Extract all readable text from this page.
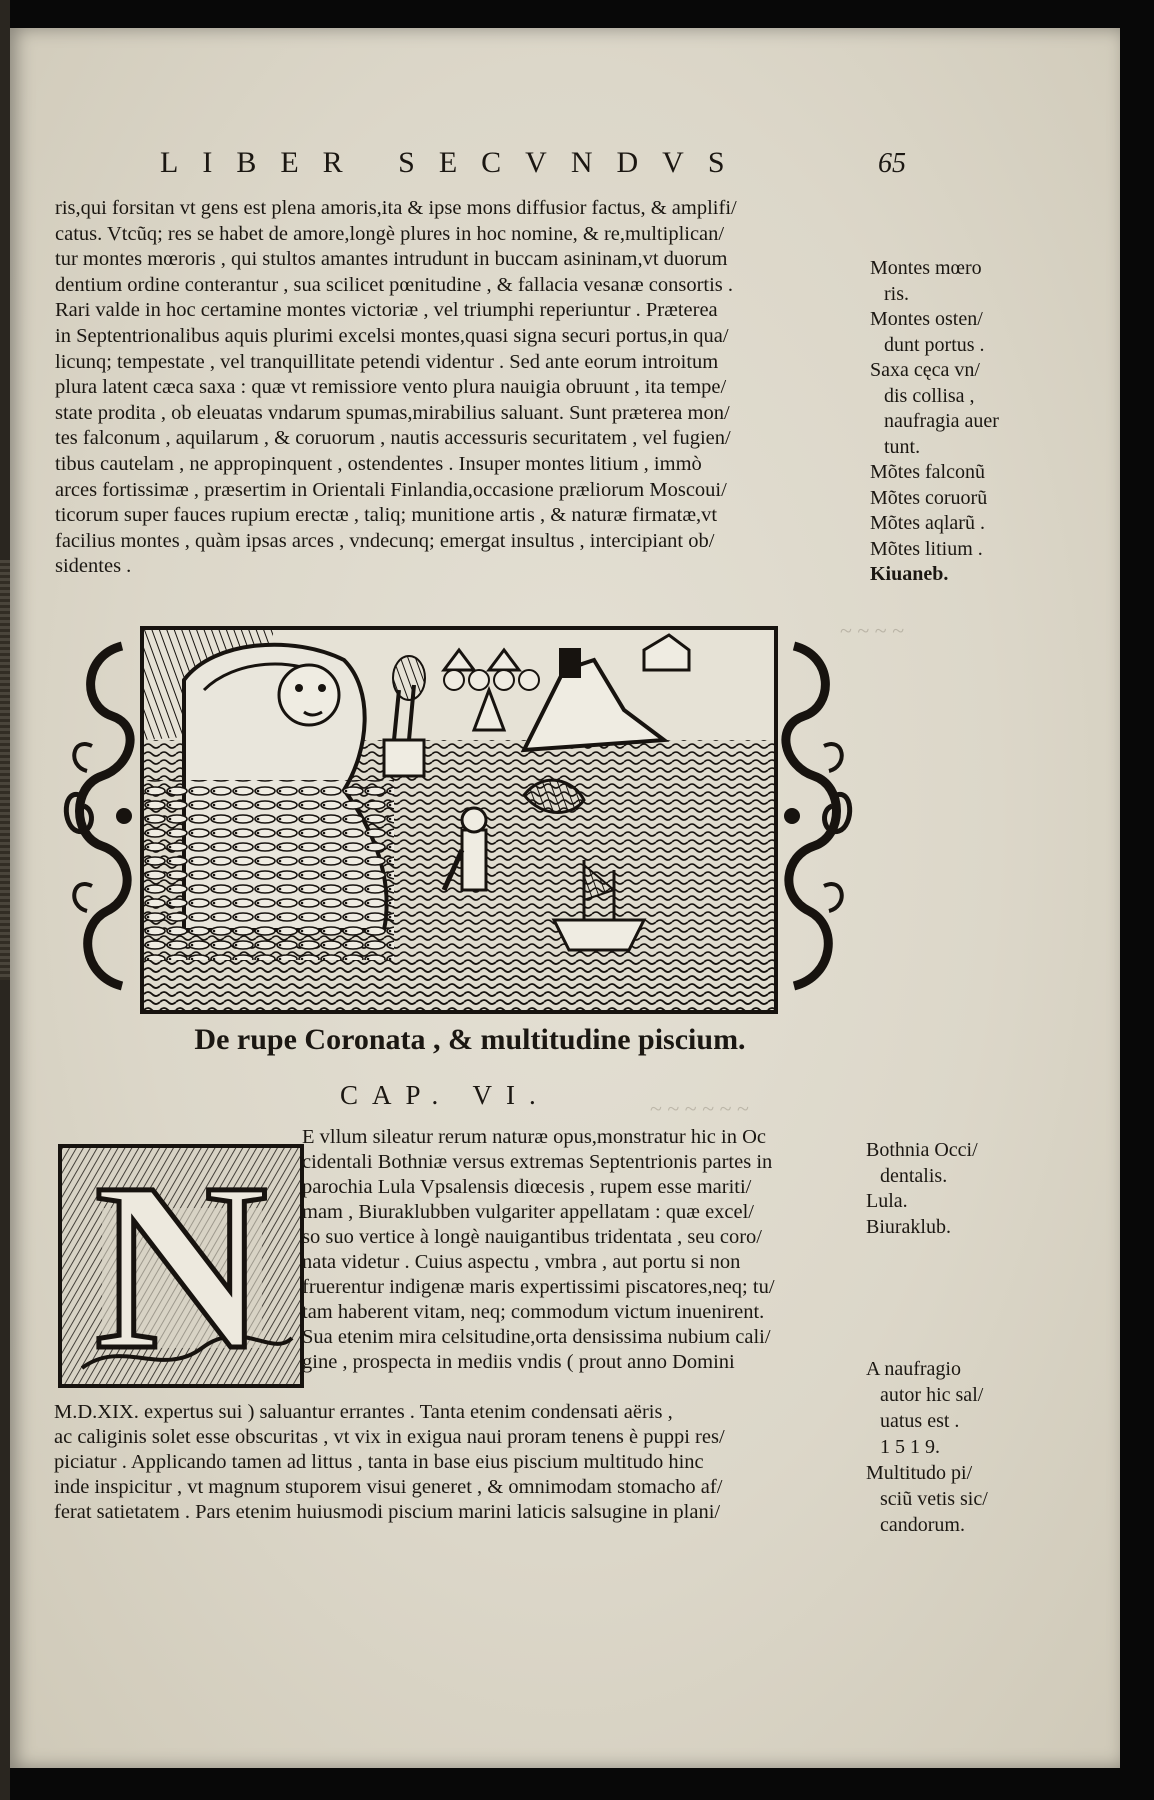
LIBER SECVNDVS	65
ris,qui forsitan vt gens est plena amoris,ita & ipse mons diffusior factus, & amplifi/
catus. Vtcũq; res se habet de amore,longè plures in hoc nomine, & re,multiplican/
tur montes mœroris , qui stultos amantes intrudunt in buccam asininam,vt duorum
dentium ordine conterantur , sua scilicet pœnitudine , & fallacia vesanæ consortis .
Rari valde in hoc certamine montes victoriæ , vel triumphi reperiuntur . Præterea
in Septentrionalibus aquis plurimi excelsi montes,quasi signa securi portus,in qua/
licunq; tempestate , vel tranquillitate petendi videntur . Sed ante eorum introitum
plura latent cæca saxa : quæ vt remissiore vento plura nauigia obruunt , ita tempe/
state prodita , ob eleuatas vndarum spumas,mirabilius saluant. Sunt præterea mon/
tes falconum , aquilarum , & coruorum , nautis accessuris securitatem , vel fugien/
tibus cautelam , ne appropinquent , ostendentes . Insuper montes litium , immò
arces fortissimæ , præsertim in Orientali Finlandia,occasione præliorum Moscoui/
ticorum super fauces rupium erectæ , taliq; munitione artis , & naturæ firmatæ,vt
facilius montes , quàm ipsas arces , vndecunq; emergat insultus , intercipiant ob/
sidentes .
Montes mœro
ris.
Montes osten/
dunt portus .
Saxa cęca vn/
dis collisa ,
naufragia auer
tunt.
Mõtes falconũ
Mõtes coruorũ
Mõtes aqlarũ .
Mõtes litium .
Kiuaneb.
~ ~ ~ ~
~ ~ ~ ~ ~ ~
De rupe Coronata , & multitudine piscium.
CAP. VI.
N	E vllum sileatur rerum naturæ opus,monstratur hic in Oc
cidentali Bothniæ versus extremas Septentrionis partes in
parochia Lula Vpsalensis diœcesis , rupem esse mariti/
mam , Biuraklubben vulgariter appellatam : quæ excel/
so suo vertice à longè nauigantibus tridentata , seu coro/
nata videtur . Cuius aspectu , vmbra , aut portu si non
fruerentur indigenæ maris expertissimi piscatores,neq; tu/
tam haberent vitam, neq; commodum victum inuenirent.
Sua etenim mira celsitudine,orta densissima nubium cali/
gine , prospecta in mediis vndis ( prout anno Domini
M.D.XIX. expertus sui ) saluantur errantes . Tanta etenim condensati aëris ,
ac caliginis solet esse obscuritas , vt vix in exigua naui proram tenens è puppi res/
piciatur . Applicando tamen ad littus , tanta in base eius piscium multitudo hinc
inde inspicitur , vt magnum stuporem visui generet , & omnimodam stomacho af/
ferat satietatem . Pars etenim huiusmodi piscium marini laticis salsugine in plani/
Bothnia Occi/
dentalis.
Lula.
Biuraklub.
A naufragio
autor hic sal/
uatus est .
1 5 1 9.
Multitudo pi/
sciũ vetis sic/
candorum.
